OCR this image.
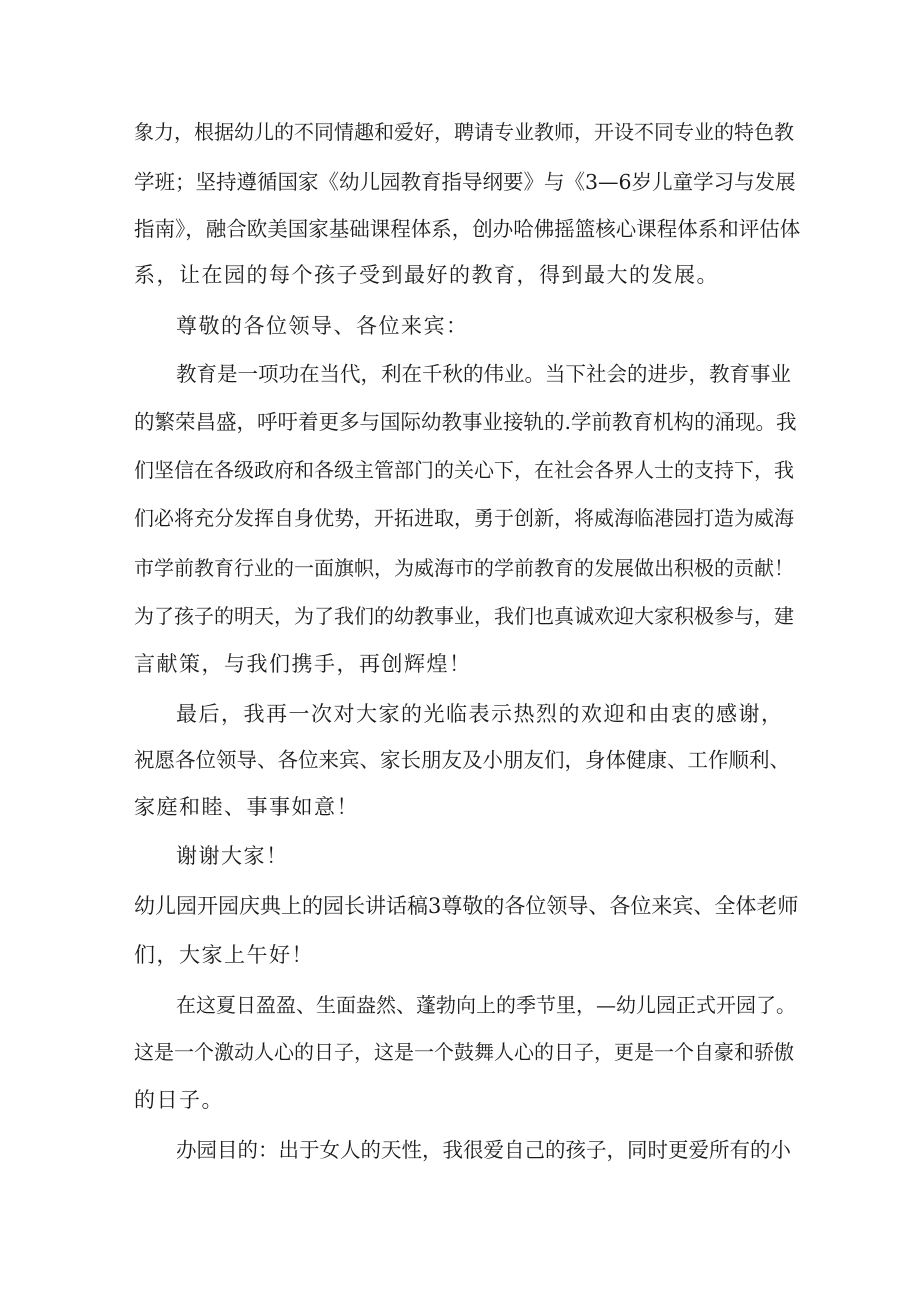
象力，根据幼儿的不同情趣和爱好，聘请专业教师，开设不同专业的特色教
学班；坚持遵循国家《幼儿园教育指导纲要》与《3—6岁儿童学习与发展
指南》，融合欧美国家基础课程体系，创办哈佛摇篮核心课程体系和评估体
系，让在园的每个孩子受到最好的教育，得到最大的发展。
尊敬的各位领导、各位来宾：
教育是一项功在当代，利在千秋的伟业。当下社会的进步，教育事业
的繁荣昌盛，呼吁着更多与国际幼教事业接轨的.学前教育机构的涌现。我
们坚信在各级政府和各级主管部门的关心下，在社会各界人士的支持下，我
们必将充分发挥自身优势，开拓进取，勇于创新，将威海临港园打造为威海
市学前教育行业的一面旗帜，为威海市的学前教育的发展做出积极的贡献！
为了孩子的明天，为了我们的幼教事业，我们也真诚欢迎大家积极参与，建
言献策，与我们携手，再创辉煌！
最后，我再一次对大家的光临表示热烈的欢迎和由衷的感谢，
祝愿各位领导、各位来宾、家长朋友及小朋友们，身体健康、工作顺利、
家庭和睦、事事如意！
谢谢大家！
幼儿园开园庆典上的园长讲话稿3尊敬的各位领导、各位来宾、全体老师
们，大家上午好！
在这夏日盈盈、生面盎然、蓬勃向上的季节里，—幼儿园正式开园了。
这是一个激动人心的日子，这是一个鼓舞人心的日子，更是一个自豪和骄傲
的日子。
办园目的：出于女人的天性，我很爱自己的孩子，同时更爱所有的小
